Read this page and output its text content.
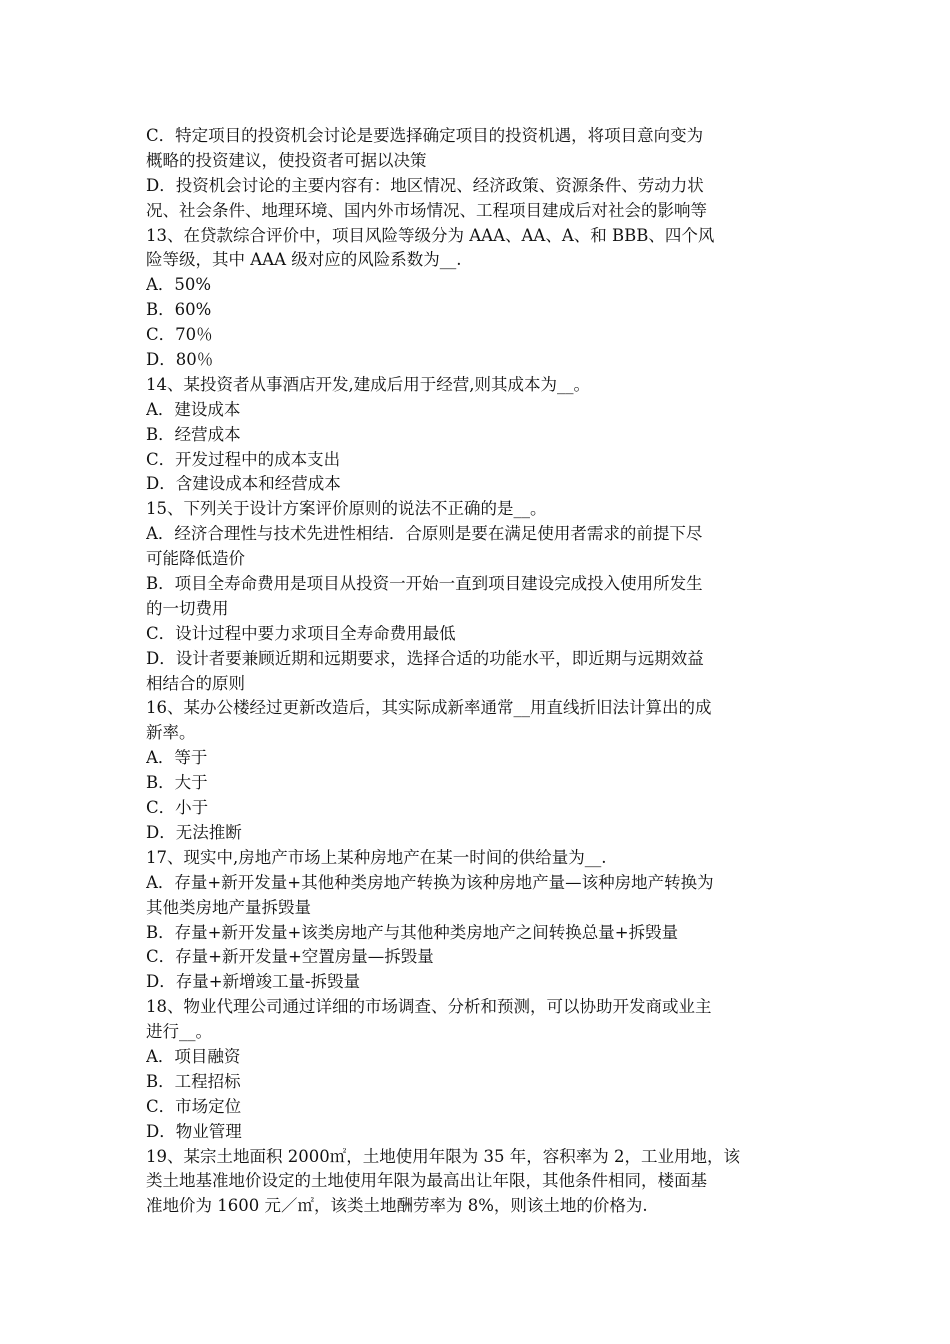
C．特定项目的投资机会讨论是要选择确定项目的投资机遇，将项目意向变为
概略的投资建议，使投资者可据以决策
D．投资机会讨论的主要内容有：地区情况、经济政策、资源条件、劳动力状
况、社会条件、地理环境、国内外市场情况、工程项目建成后对社会的影响等
13、在贷款综合评价中，项目风险等级分为 AAA、AA、A、和 BBB、四个风
险等级，其中 AAA 级对应的风险系数为__.
A．50%
B．60%
C．70％
D．80％
14、某投资者从事酒店开发,建成后用于经营,则其成本为__。
A．建设成本
B．经营成本
C．开发过程中的成本支出
D．含建设成本和经营成本
15、下列关于设计方案评价原则的说法不正确的是__。
A．经济合理性与技术先进性相结．合原则是要在满足使用者需求的前提下尽
可能降低造价
B．项目全寿命费用是项目从投资一开始一直到项目建设完成投入使用所发生
的一切费用
C．设计过程中要力求项目全寿命费用最低
D．设计者要兼顾近期和远期要求，选择合适的功能水平，即近期与远期效益
相结合的原则
16、某办公楼经过更新改造后，其实际成新率通常__用直线折旧法计算出的成
新率。
A．等于
B．大于
C．小于
D．无法推断
17、现实中,房地产市场上某种房地产在某一时间的供给量为__.
A．存量+新开发量+其他种类房地产转换为该种房地产量—该种房地产转换为
其他类房地产量拆毁量
B．存量+新开发量+该类房地产与其他种类房地产之间转换总量+拆毁量
C．存量+新开发量+空置房量—拆毁量
D．存量+新增竣工量-拆毁量
18、物业代理公司通过详细的市场调查、分析和预测，可以协助开发商或业主
进行__。
A．项目融资
B．工程招标
C．市场定位
D．物业管理
19、某宗土地面积 2000㎡，土地使用年限为 35 年，容积率为 2，工业用地，该
类土地基准地价设定的土地使用年限为最高出让年限，其他条件相同，楼面基
准地价为 1600 元／㎡，该类土地酬劳率为 8%，则该土地的价格为.
